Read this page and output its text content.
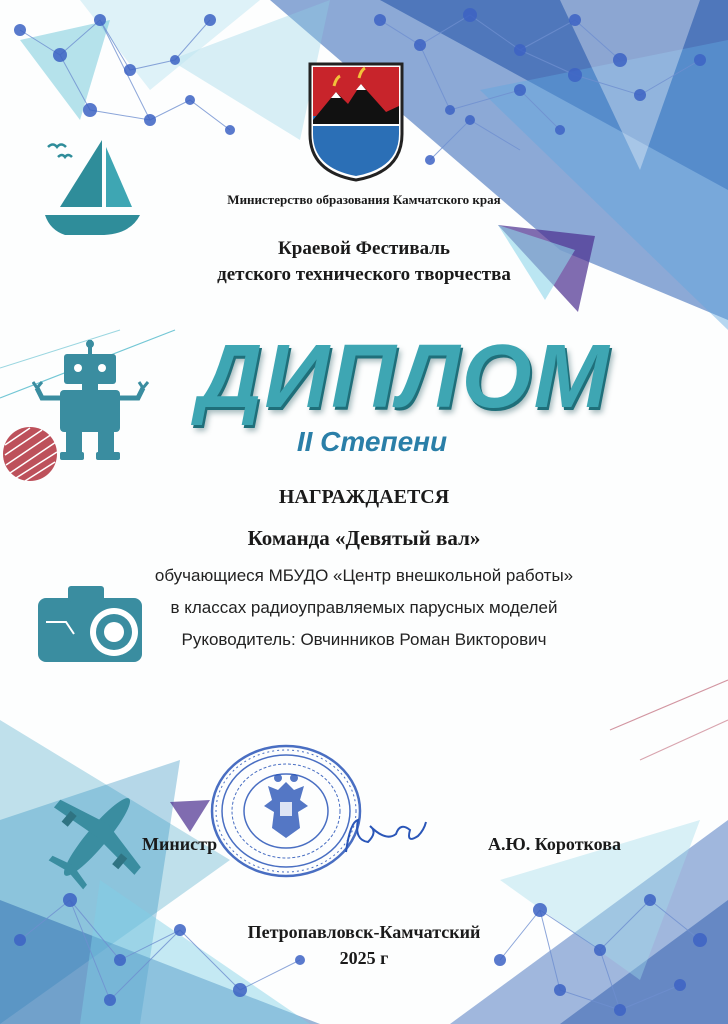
Министерство образования Камчатского края
Краевой Фестиваль
детского технического творчества
ДИПЛОМ
II Степени
НАГРАЖДАЕТСЯ
Команда «Девятый вал»
обучающиеся МБУДО «Центр внешкольной работы»
в классах радиоуправляемых парусных моделей
Руководитель: Овчинников Роман Викторович
Министр	А.Ю. Короткова
Петропавловск-Камчатский
2025 г
